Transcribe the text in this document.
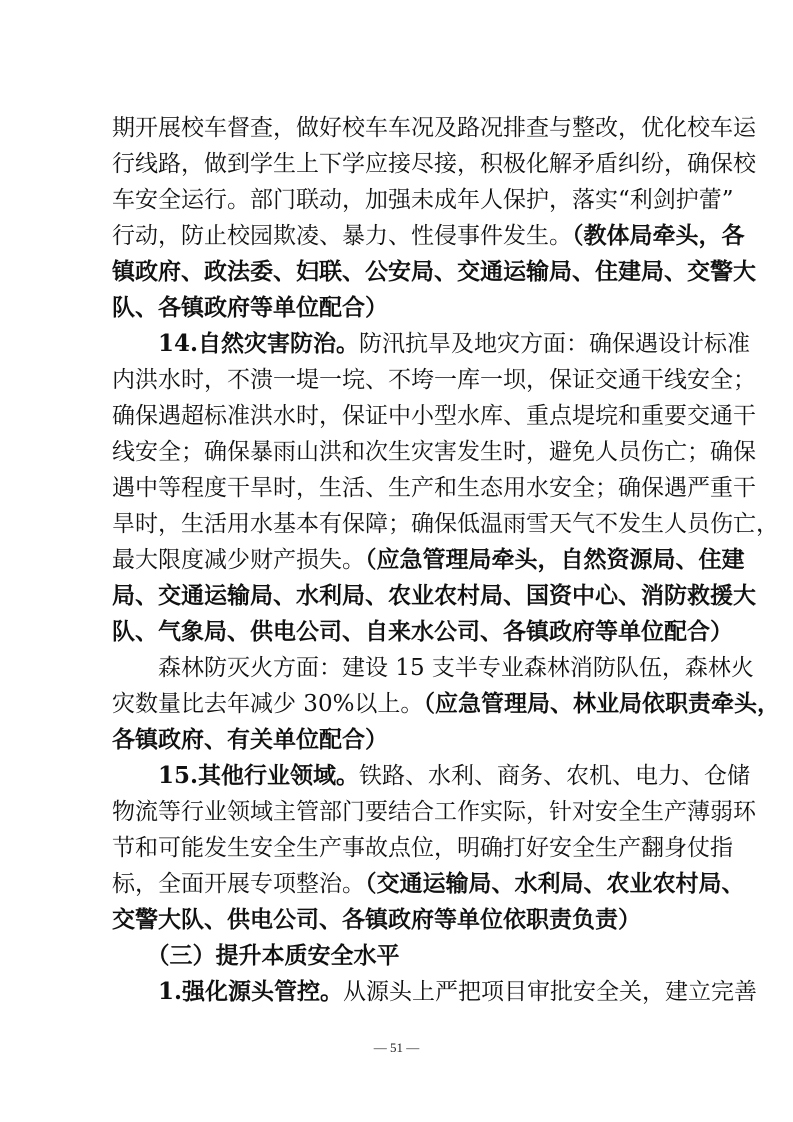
期开展校车督查，做好校车车况及路况排查与整改，优化校车运
行线路，做到学生上下学应接尽接，积极化解矛盾纠纷，确保校
车安全运行。部门联动，加强未成年人保护，落实“利剑护蕾”
行动，防止校园欺凌、暴力、性侵事件发生。（教体局牵头，各
镇政府、政法委、妇联、公安局、交通运输局、住建局、交警大
队、各镇政府等单位配合）
　　14.自然灾害防治。防汛抗旱及地灾方面：确保遇设计标准
内洪水时，不溃一堤一垸、不垮一库一坝，保证交通干线安全；
确保遇超标准洪水时，保证中小型水库、重点堤垸和重要交通干
线安全；确保暴雨山洪和次生灾害发生时，避免人员伤亡；确保
遇中等程度干旱时，生活、生产和生态用水安全；确保遇严重干
旱时，生活用水基本有保障；确保低温雨雪天气不发生人员伤亡，
最大限度减少财产损失。（应急管理局牵头，自然资源局、住建
局、交通运输局、水利局、农业农村局、国资中心、消防救援大
队、气象局、供电公司、自来水公司、各镇政府等单位配合）
　　森林防灭火方面：建设 15 支半专业森林消防队伍，森林火
灾数量比去年减少 30%以上。（应急管理局、林业局依职责牵头，
各镇政府、有关单位配合）
　　15.其他行业领域。铁路、水利、商务、农机、电力、仓储
物流等行业领域主管部门要结合工作实际，针对安全生产薄弱环
节和可能发生安全生产事故点位，明确打好安全生产翻身仗指
标，全面开展专项整治。（交通运输局、水利局、农业农村局、
交警大队、供电公司、各镇政府等单位依职责负责）
　　（三）提升本质安全水平
　　1.强化源头管控。从源头上严把项目审批安全关，建立完善
— 51 —
